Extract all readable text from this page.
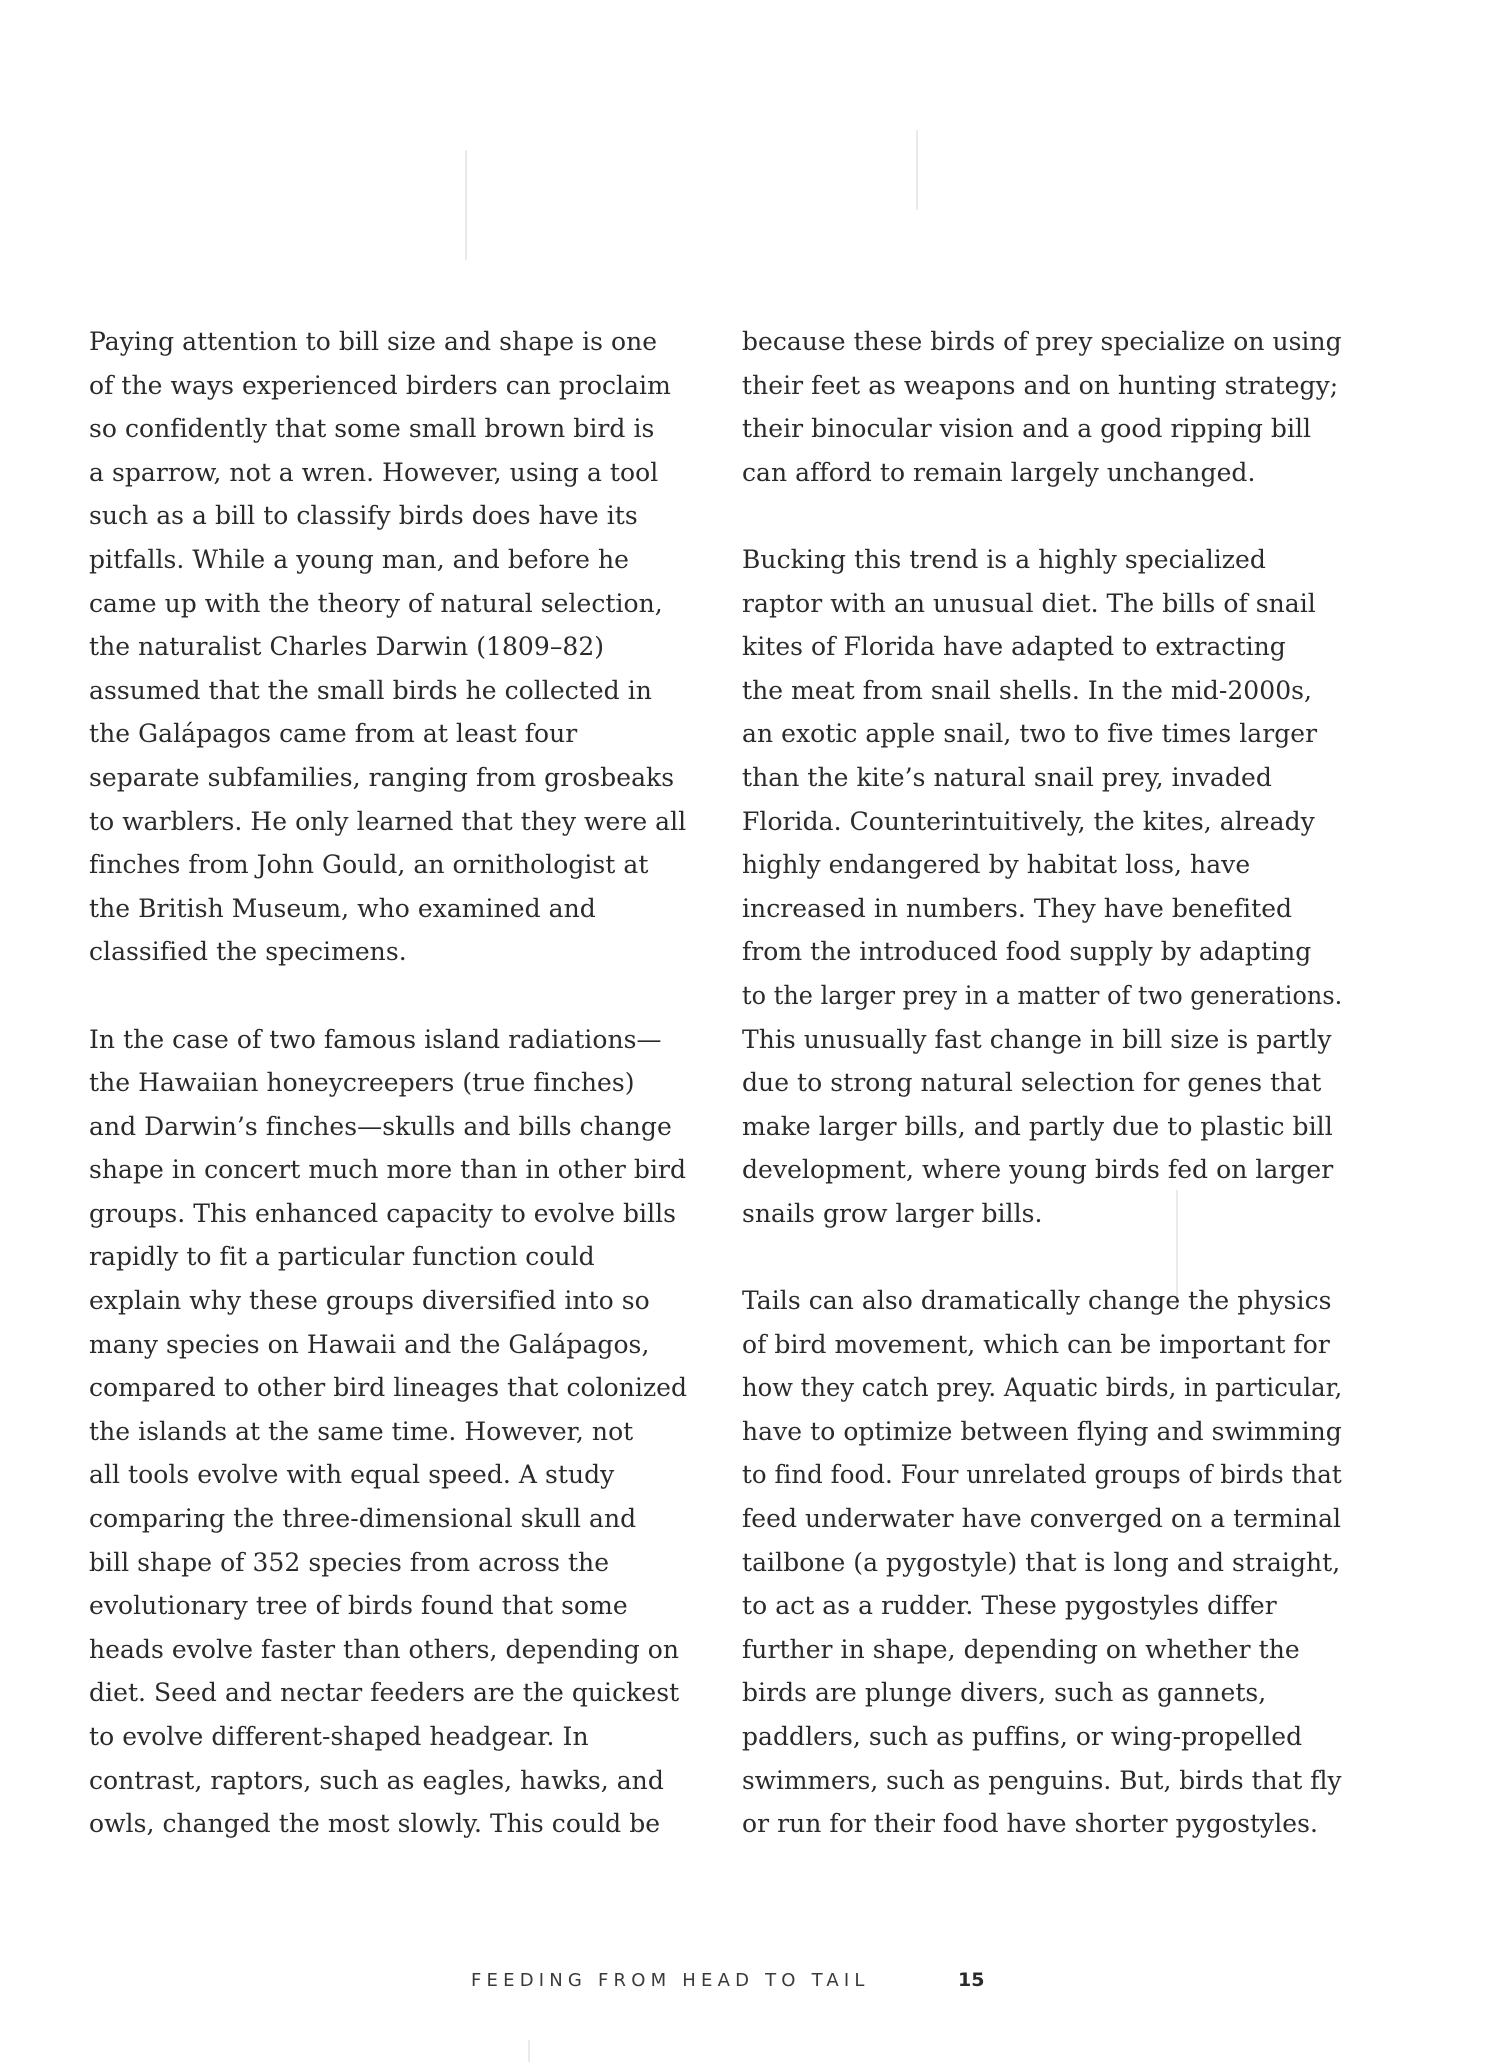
Paying attention to bill size and shape is one
of the ways experienced birders can proclaim
so confidently that some small brown bird is
a sparrow, not a wren. However, using a tool
such as a bill to classify birds does have its
pitfalls. While a young man, and before he
came up with the theory of natural selection,
the naturalist Charles Darwin (1809–82)
assumed that the small birds he collected in
the Galápagos came from at least four
separate subfamilies, ranging from grosbeaks
to warblers. He only learned that they were all
finches from John Gould, an ornithologist at
the British Museum, who examined and
classified the specimens.

In the case of two famous island radiations—
the Hawaiian honeycreepers (true finches)
and Darwin’s finches—skulls and bills change
shape in concert much more than in other bird
groups. This enhanced capacity to evolve bills
rapidly to fit a particular function could
explain why these groups diversified into so
many species on Hawaii and the Galápagos,
compared to other bird lineages that colonized
the islands at the same time. However, not
all tools evolve with equal speed. A study
comparing the three-dimensional skull and
bill shape of 352 species from across the
evolutionary tree of birds found that some
heads evolve faster than others, depending on
diet. Seed and nectar feeders are the quickest
to evolve different-shaped headgear. In
contrast, raptors, such as eagles, hawks, and
owls, changed the most slowly. This could be

because these birds of prey specialize on using
their feet as weapons and on hunting strategy;
their binocular vision and a good ripping bill
can afford to remain largely unchanged.

Bucking this trend is a highly specialized
raptor with an unusual diet. The bills of snail
kites of Florida have adapted to extracting
the meat from snail shells. In the mid-2000s,
an exotic apple snail, two to five times larger
than the kite’s natural snail prey, invaded
Florida. Counterintuitively, the kites, already
highly endangered by habitat loss, have
increased in numbers. They have benefited
from the introduced food supply by adapting
to the larger prey in a matter of two generations.
This unusually fast change in bill size is partly
due to strong natural selection for genes that
make larger bills, and partly due to plastic bill
development, where young birds fed on larger
snails grow larger bills.

Tails can also dramatically change the physics
of bird movement, which can be important for
how they catch prey. Aquatic birds, in particular,
have to optimize between flying and swimming
to find food. Four unrelated groups of birds that
feed underwater have converged on a terminal
tailbone (a pygostyle) that is long and straight,
to act as a rudder. These pygostyles differ
further in shape, depending on whether the
birds are plunge divers, such as gannets,
paddlers, such as puffins, or wing-propelled
swimmers, such as penguins. But, birds that fly
or run for their food have shorter pygostyles.

FEEDING FROM HEAD TO TAIL	15
